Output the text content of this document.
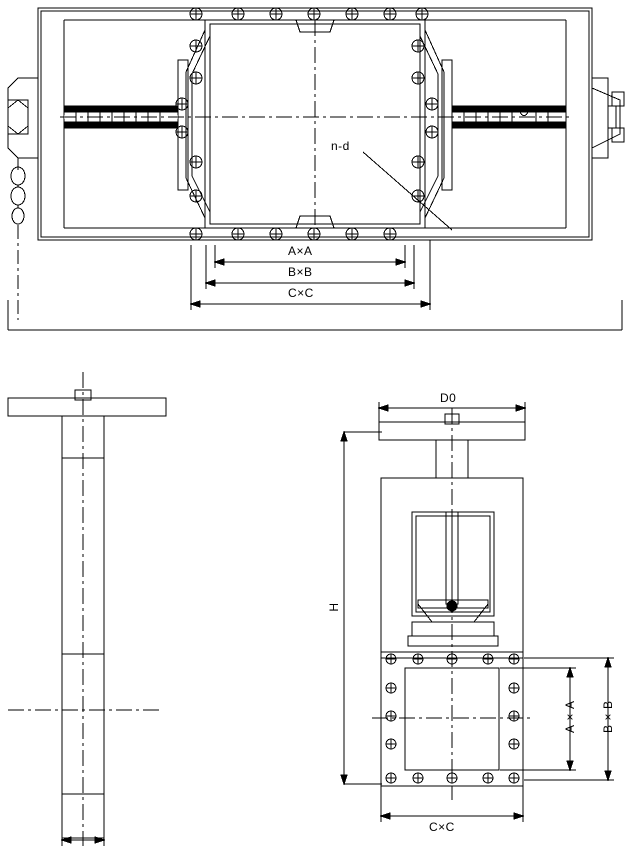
n-d
A×A
B×B
C×C
D0
H
A×A B×B
C×C
